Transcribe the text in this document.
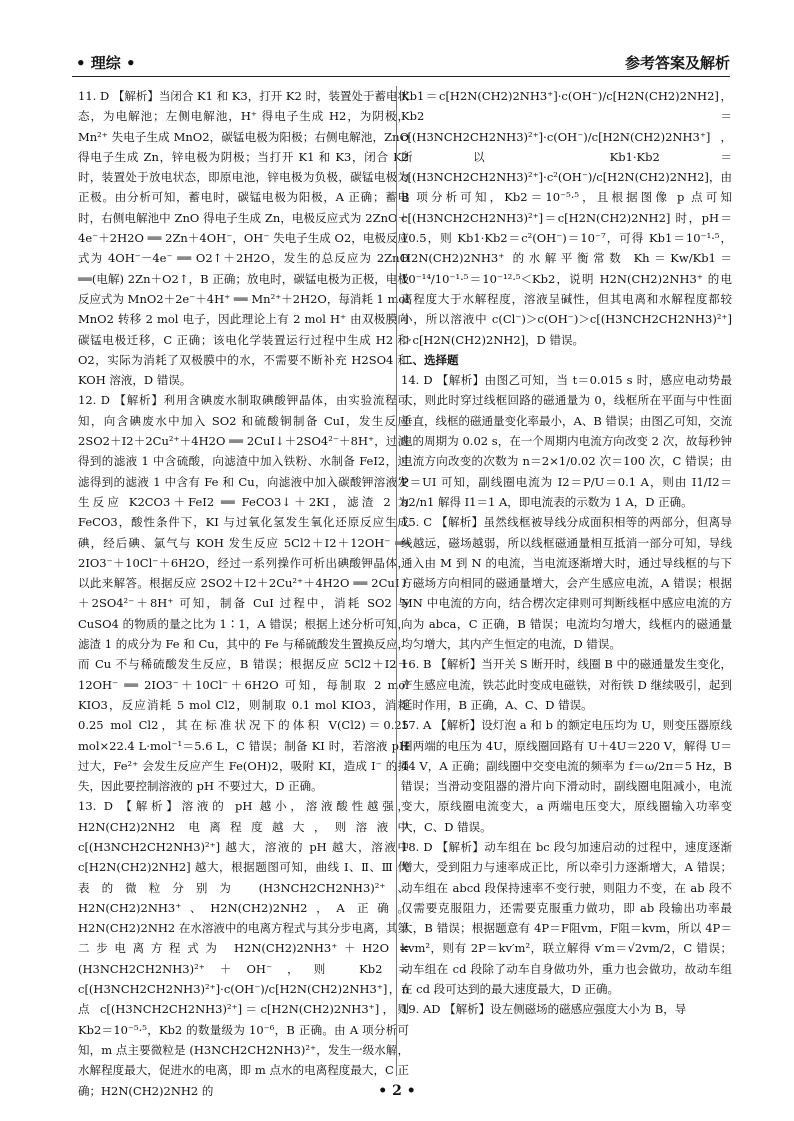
• 理综 •	参考答案及解析

11. D 【解析】当闭合 K1 和 K3，打开 K2 时，装置处于蓄电状态，为电解池；左侧电解池，H⁺ 得电子生成 H2，为阴极，Mn²⁺ 失电子生成 MnO2，碳锰电极为阳极；右侧电解池，ZnO 得电子生成 Zn，锌电极为阴极；当打开 K1 和 K3，闭合 K2 时，装置处于放电状态，即原电池，锌电极为负极，碳锰电极为正极。由分析可知，蓄电时，碳锰电极为阳极，A 正确；蓄电时，右侧电解池中 ZnO 得电子生成 Zn，电极反应式为 2ZnO＋4e⁻＋2H2O ══ 2Zn＋4OH⁻，OH⁻ 失电子生成 O2，电极反应式为 4OH⁻－4e⁻ ══ O2↑＋2H2O，发生的总反应为 2ZnO ══(电解) 2Zn＋O2↑，B 正确；放电时，碳锰电极为正极，电极反应式为 MnO2＋2e⁻＋4H⁺ ══ Mn²⁺＋2H2O，每消耗 1 mol MnO2 转移 2 mol 电子，因此理论上有 2 mol H⁺ 由双极膜向碳锰电极迁移，C 正确；该电化学装置运行过程中生成 H2 和 O2，实际为消耗了双极膜中的水，不需要不断补充 H2SO4 和 KOH 溶液，D 错误。

12. D 【解析】利用含碘废水制取碘酸钾晶体，由实验流程可知，向含碘废水中加入 SO2 和硫酸铜制备 CuI，发生反应 2SO2＋I2＋2Cu²⁺＋4H2O ══ 2CuI↓＋2SO4²⁻＋8H⁺，过滤得到的滤液 1 中含硫酸，向滤渣中加入铁粉、水制备 FeI2，过滤得到的滤液 1 中含有 Fe 和 Cu，向滤液中加入碳酸钾溶液发生反应 K2CO3＋FeI2 ══ FeCO3↓＋2KI，滤渣 2 为 FeCO3，酸性条件下，KI 与过氧化氢发生氧化还原反应生成碘，经后碘、氯气与 KOH 发生反应 5Cl2＋I2＋12OH⁻ ══ 2IO3⁻＋10Cl⁻＋6H2O，经过一系列操作可析出碘酸钾晶体，以此来解答。根据反应 2SO2＋I2＋2Cu²⁺＋4H2O ══ 2CuI↓＋2SO4²⁻＋8H⁺ 可知，制备 CuI 过程中，消耗 SO2 与 CuSO4 的物质的量之比为 1∶1，A 错误；根据上述分析可知，滤渣 1 的成分为 Fe 和 Cu，其中的 Fe 与稀硫酸发生置换反应，而 Cu 不与稀硫酸发生反应，B 错误；根据反应 5Cl2＋I2＋12OH⁻ ══ 2IO3⁻＋10Cl⁻＋6H2O 可知，每制取 2 mol KIO3，反应消耗 5 mol Cl2，则制取 0.1 mol KIO3，消耗 0.25 mol Cl2，其在标准状况下的体积 V(Cl2)＝0.25 mol×22.4 L·mol⁻¹＝5.6 L，C 错误；制备 KI 时，若溶液 pH 过大，Fe²⁺ 会发生反应产生 Fe(OH)2，吸附 KI，造成 I⁻ 的损失，因此要控制溶液的 pH 不要过大，D 正确。

13. D 【解析】溶液的 pH 越小，溶液酸性越强，H2N(CH2)2NH2 电离程度越大，则溶液中 c[(H3NCH2CH2NH3)²⁺] 越大，溶液的 pH 越大，溶液中 c[H2N(CH2)2NH2] 越大，根据题图可知，曲线 Ⅰ、Ⅱ、Ⅲ 代表的微粒分别为 (H3NCH2CH2NH3)²⁺、H2N(CH2)2NH3⁺、H2N(CH2)2NH2，A 正确。H2N(CH2)2NH2 在水溶液中的电离方程式与其分步电离，其第二步电离方程式为 H2N(CH2)2NH3⁺＋H2O ⇌ (H3NCH2CH2NH3)²⁺＋OH⁻，则 Kb2＝c[(H3NCH2CH2NH3)²⁺]·c(OH⁻)/c[H2N(CH2)2NH3⁺]，n 点 c[(H3NCH2CH2NH3)²⁺]＝c[H2N(CH2)2NH3⁺]，则 Kb2＝10⁻⁵·⁵，Kb2 的数量级为 10⁻⁶，B 正确。由 A 项分析可知，m 点主要微粒是 (H3NCH2CH2NH3)²⁺，发生一级水解，水解程度最大，促进水的电离，即 m 点水的电离程度最大，C 正确；H2N(CH2)2NH2 的

Kb1＝c[H2N(CH2)2NH3⁺]·c(OH⁻)/c[H2N(CH2)2NH2]，Kb2＝c[(H3NCH2CH2NH3)²⁺]·c(OH⁻)/c[H2N(CH2)2NH3⁺]，所以 Kb1·Kb2＝c[(H3NCH2CH2NH3)²⁺]·c²(OH⁻)/c[H2N(CH2)2NH2]，由 B 项分析可知，Kb2＝10⁻⁵·⁵，且根据图像 p 点可知 c[(H3NCH2CH2NH3)²⁺]＝c[H2N(CH2)2NH2] 时，pH＝10.5，则 Kb1·Kb2＝c²(OH⁻)＝10⁻⁷，可得 Kb1＝10⁻¹·⁵，H2N(CH2)2NH3⁺ 的水解平衡常数 Kh＝Kw/Kb1＝10⁻¹⁴/10⁻¹·⁵＝10⁻¹²·⁵＜Kb2，说明 H2N(CH2)2NH3⁺ 的电离程度大于水解程度，溶液呈碱性，但其电离和水解程度都较小，所以溶液中 c(Cl⁻)＞c(OH⁻)＞c[(H3NCH2CH2NH3)²⁺]＞c[H2N(CH2)2NH2]，D 错误。

二、选择题

14. D 【解析】由图乙可知，当 t＝0.015 s 时，感应电动势最大，则此时穿过线框回路的磁通量为 0，线框所在平面与中性面垂直，线框的磁通量变化率最小，A、B 错误；由图乙可知，交流电的周期为 0.02 s，在一个周期内电流方向改变 2 次，故每秒钟电流方向改变的次数为 n＝2×1/0.02 次＝100 次，C 错误；由 P＝UI 可知，副线圈电流为 I2＝P/U＝0.1 A，则由 I1/I2＝n2/n1 解得 I1＝1 A，即电流表的示数为 1 A，D 正确。

15. C 【解析】虽然线框被导线分成面积相等的两部分，但离导线越远，磁场越弱，所以线框磁通量相互抵消一部分可知，导线通入由 M 到 N 的电流，当电流逐渐增大时，通过导线框的与下方磁场方向相同的磁通量增大，会产生感应电流，A 错误；根据 MN 中电流的方向，结合楞次定律则可判断线框中感应电流的方向为 abca，C 正确，B 错误；电流均匀增大，线框内的磁通量均匀增大，其内产生恒定的电流，D 错误。

16. B 【解析】当开关 S 断开时，线圈 B 中的磁通量发生变化，产生感应电流，铁芯此时变成电磁铁，对衔铁 D 继续吸引，起到延时作用，B 正确，A、C、D 错误。

17. A 【解析】设灯泡 a 和 b 的额定电压均为 U，则变压器原线圈两端的电压为 4U，原线圈回路有 U＋4U＝220 V，解得 U＝44 V，A 正确；副线圈中交变电流的频率为 f＝ω/2π＝5 Hz，B 错误；当滑动变阻器的滑片向下滑动时，副线圈电阻减小，电流变大，原线圈电流变大，a 两端电压变大，原线圈输入功率变大，C、D 错误。

18. D 【解析】动车组在 bc 段匀加速启动的过程中，速度逐渐增大，受到阻力与速率成正比，所以牵引力逐渐增大，A 错误；动车组在 abcd 段保持速率不变行驶，则阻力不变，在 ab 段不仅需要克服阻力，还需要克服重力做功，即 ab 段输出功率最大，B 错误；根据题意有 4P＝F阻vm，F阻＝kvm，所以 4P＝kvm²，则有 2P＝kv′m²，联立解得 v′m＝√2vm/2，C 错误；动车组在 cd 段除了动车自身做功外，重力也会做功，故动车组在 cd 段可达到的最大速度最大，D 正确。

19. AD 【解析】设左侧磁场的磁感应强度大小为 B，导

• 2 •
